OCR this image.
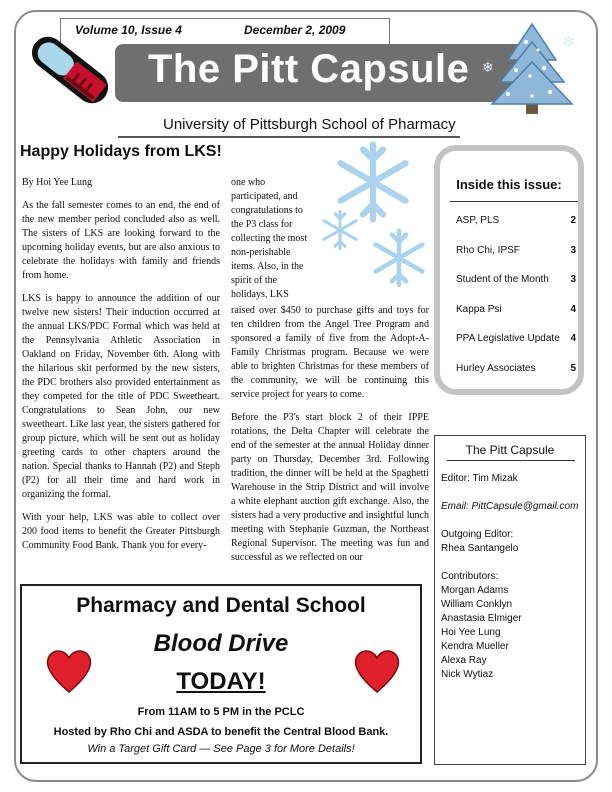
Volume 10, Issue 4	December 2, 2009
The Pitt Capsule
University of Pittsburgh School of Pharmacy
❄
❄
Happy Holidays from LKS!

By Hoi Yee Lung

As the fall semester comes to an end, the end of the new member period concluded also as well. The sisters of LKS are looking forward to the upcoming holiday events, but are also anxious to celebrate the holidays with family and friends from home.

LKS is happy to announce the addition of our twelve new sisters! Their induction occurred at the annual LKS/PDC Formal which was held at the Pennsylvania Athletic Association in Oakland on Friday, November 6th. Along with the hilarious skit performed by the new sisters, the PDC brothers also provided entertainment as they competed for the title of PDC Sweetheart. Congratulations to Sean John, our new sweetheart. Like last year, the sisters gathered for group picture, which will be sent out as holiday greeting cards to other chapters around the nation. Special thanks to Hannah (P2) and Steph (P2) for all their time and hard work in organizing the formal.

With your help, LKS was able to collect over 200 food items to benefit the Greater Pittsburgh Community Food Bank. Thank you for every-

one who participated, and congratulations to the P3 class for collecting the most non-perishable items. Also, in the spirit of the holidays, LKS

raised over $450 to purchase gifts and toys for ten children from the Angel Tree Program and sponsored a family of five from the Adopt-A-Family Christmas program. Because we were able to brighten Christmas for these members of the community, we will be continuing this service project for years to come.

Before the P3's start block 2 of their IPPE rotations, the Delta Chapter will celebrate the end of the semester at the annual Holiday dinner party on Thursday, December 3rd. Following tradition, the dinner will be held at the Spaghetti Warehouse in the Strip District and will involve a white elephant auction gift exchange. Also, the sisters had a very productive and insightful lunch meeting with Stephanie Guzman, the Northeast Regional Supervisor. The meeting was fun and successful as we reflected on our

Inside this issue:
ASP, PLS	2
Rho Chi, IPSF	3
Student of the Month 3
Kappa Psi	4
PPA Legislative Update 4
Hurley Associates	5
The Pitt Capsule
Editor: Tim Mizak
Email: PittCapsule@gmail.com
Outgoing Editor:
Rhea Santangelo
Contributors:
Morgan Adams
William Conklyn
Anastasia Elmiger
Hoi Yee Lung
Kendra Mueller
Alexa Ray
Nick Wytiaz
Pharmacy and Dental School
Blood Drive
TODAY!
From 11AM to 5 PM in the PCLC
Hosted by Rho Chi and ASDA to benefit the Central Blood Bank.
Win a Target Gift Card — See Page 3 for More Details!
